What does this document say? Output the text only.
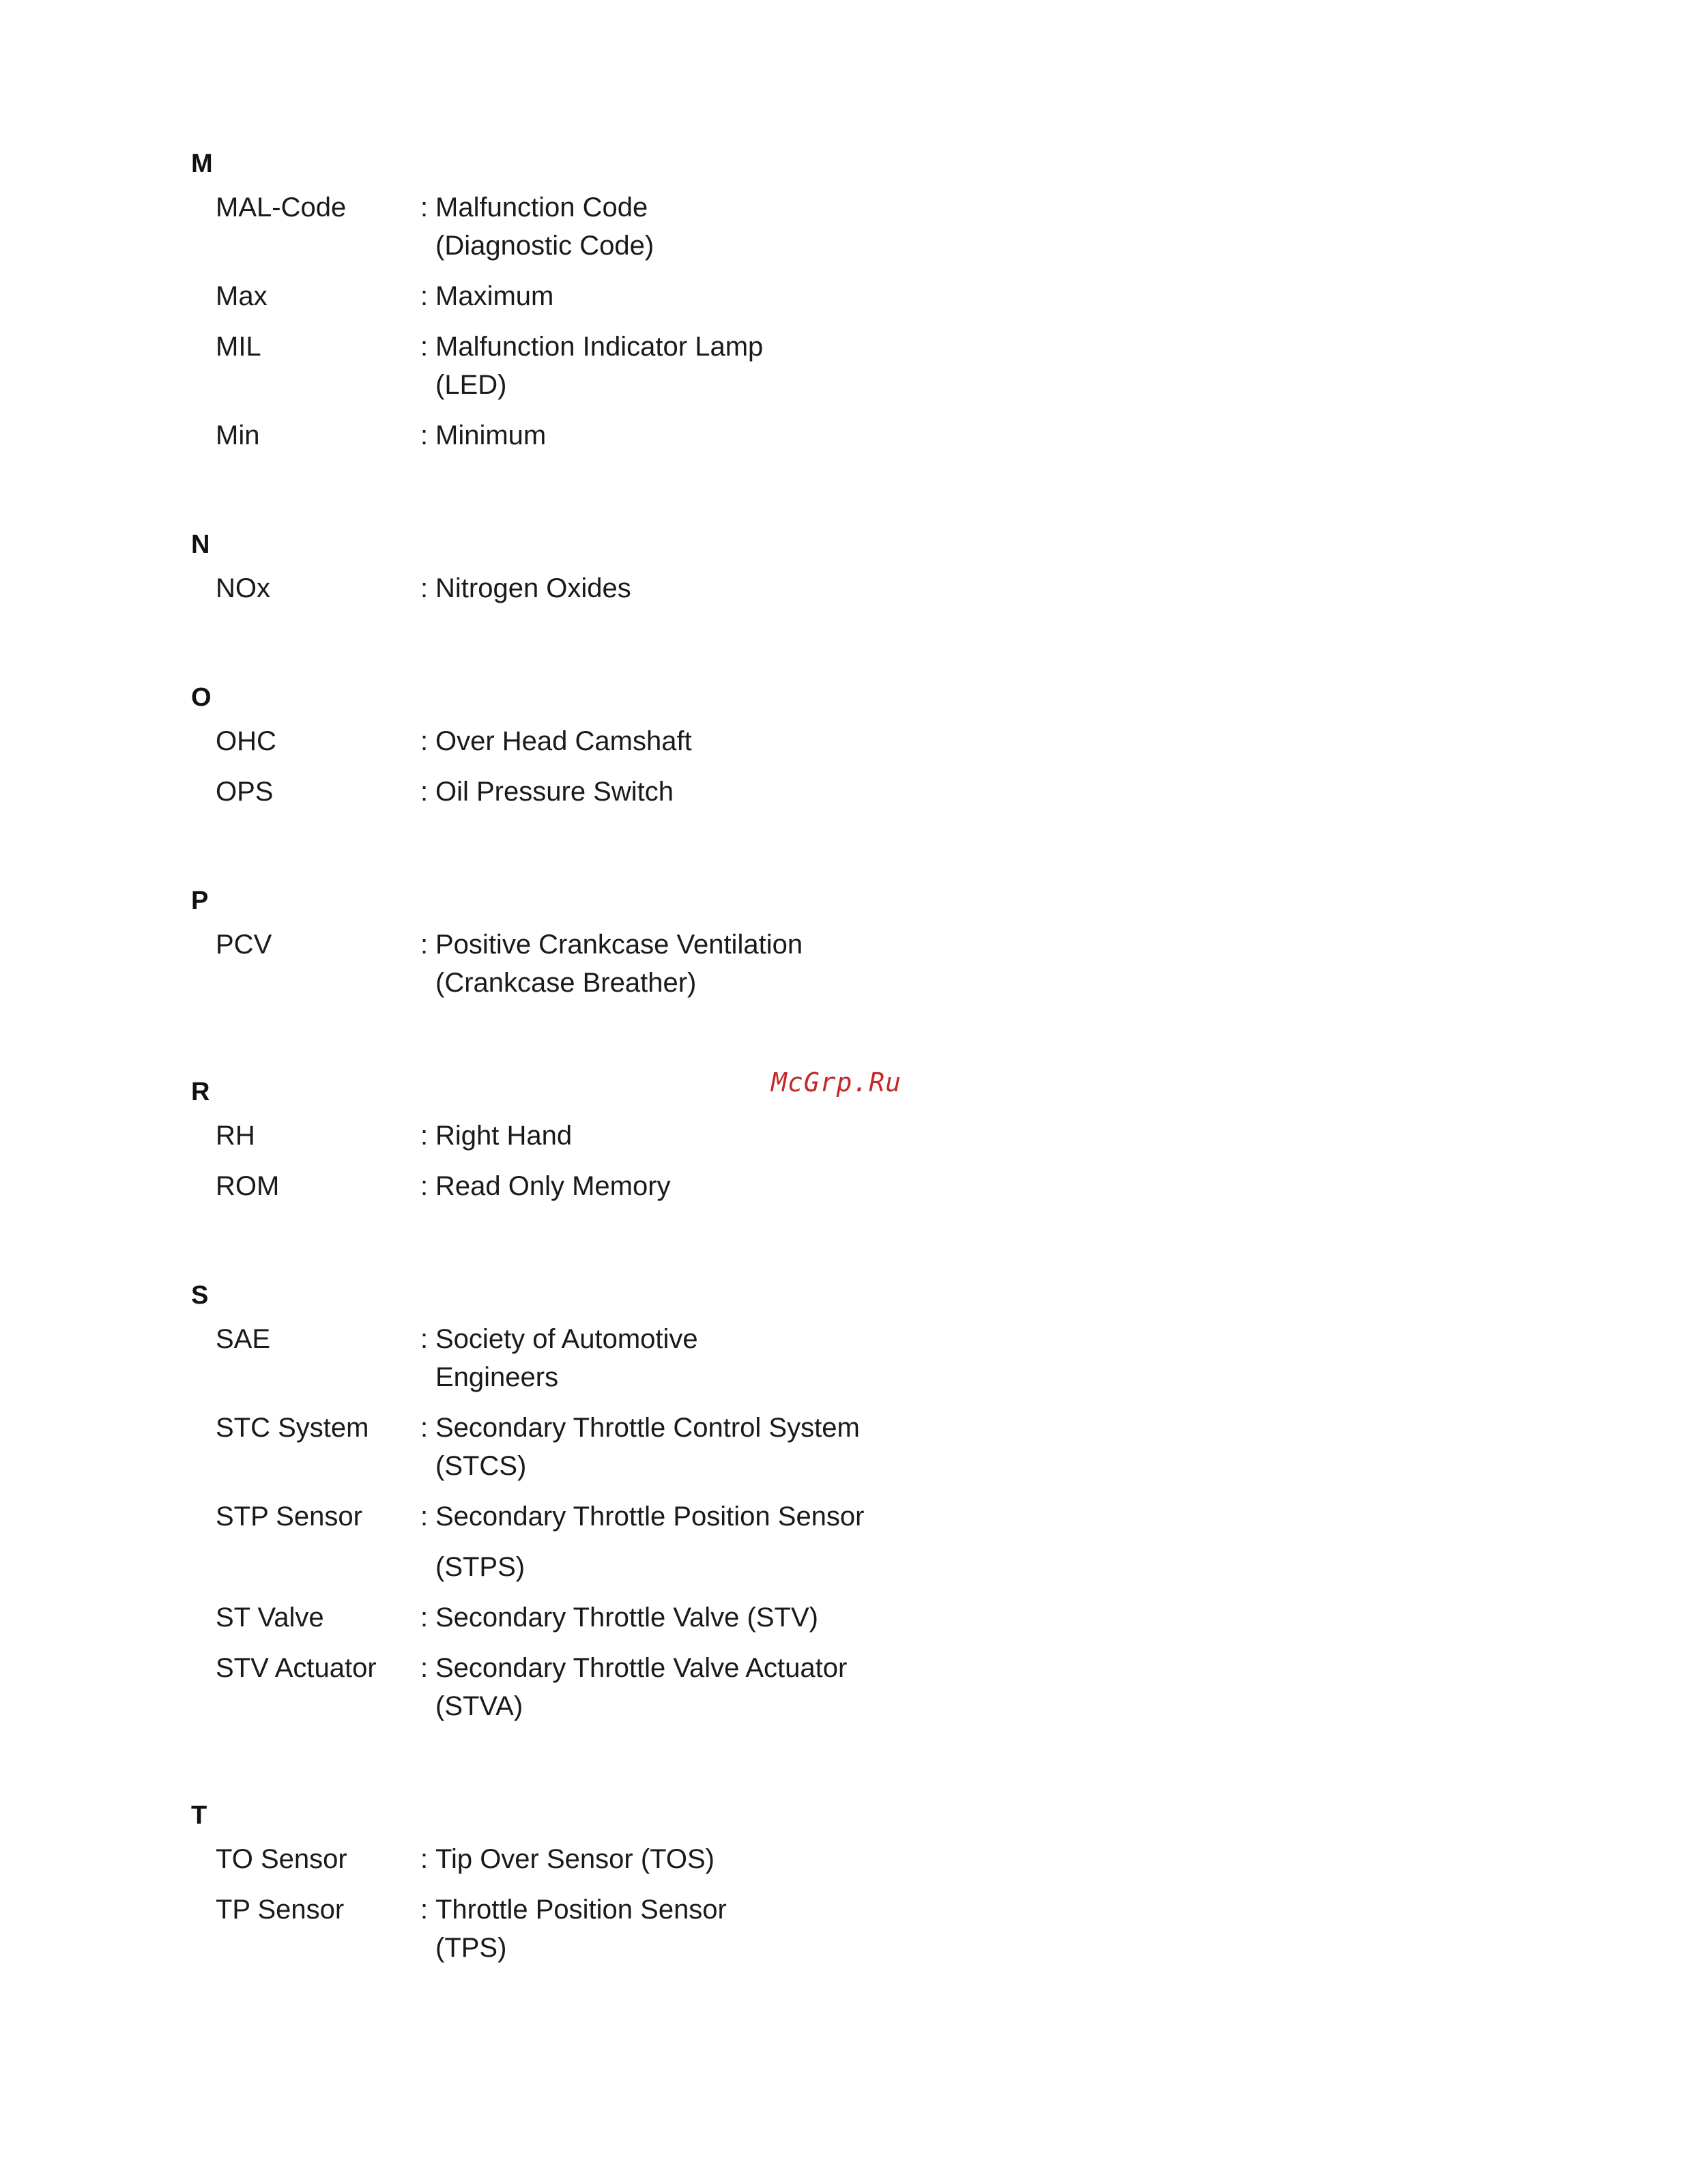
M
MAL-Code	: Malfunction Code
(Diagnostic Code)
Max	: Maximum
MIL	: Malfunction Indicator Lamp
(LED)
Min	: Minimum
N
NOx	: Nitrogen Oxides
O
OHC	: Over Head Camshaft
OPS	: Oil Pressure Switch
P
PCV	: Positive Crankcase Ventilation
(Crankcase Breather)
R
RH	: Right Hand
ROM	: Read Only Memory
S
SAE	: Society of Automotive
Engineers
STC System	: Secondary Throttle Control System
(STCS)
STP Sensor	: Secondary Throttle Position Sensor
(STPS)
ST Valve	: Secondary Throttle Valve (STV)
STV Actuator	: Secondary Throttle Valve Actuator
(STVA)
T
TO Sensor	: Tip Over Sensor (TOS)
TP Sensor	: Throttle Position Sensor
(TPS)
McGrp.Ru
